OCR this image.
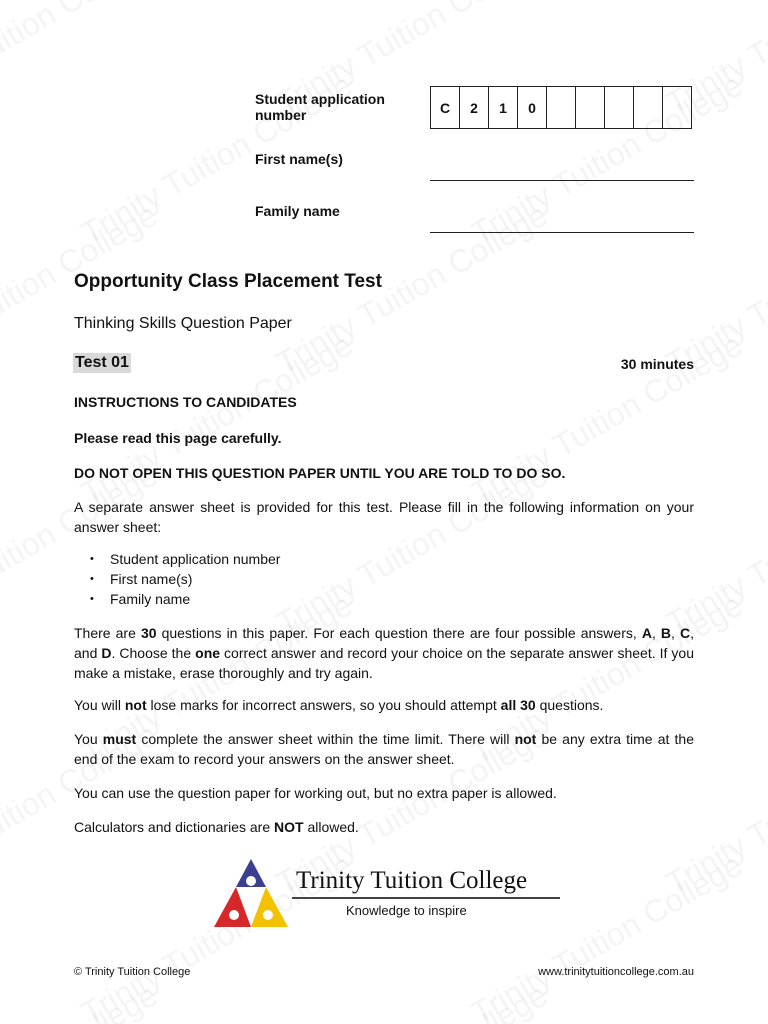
Student application number	C	2	1	0
First name(s)
Family name
Opportunity Class Placement Test
Thinking Skills Question Paper
Test 01	30 minutes

INSTRUCTIONS TO CANDIDATES

Please read this page carefully.

DO NOT OPEN THIS QUESTION PAPER UNTIL YOU ARE TOLD TO DO SO.

A separate answer sheet is provided for this test. Please fill in the following information on your answer sheet:

• Student application number
• First name(s)
• Family name

There are 30 questions in this paper. For each question there are four possible answers, A, B, C, and D. Choose the one correct answer and record your choice on the separate answer sheet. If you make a mistake, erase thoroughly and try again.

You will not lose marks for incorrect answers, so you should attempt all 30 questions.

You must complete the answer sheet within the time limit. There will not be any extra time at the end of the exam to record your answers on the answer sheet.

You can use the question paper for working out, but no extra paper is allowed.

Calculators and dictionaries are NOT allowed.

Trinity Tuition College
Knowledge to inspire
© Trinity Tuition College	www.trinitytuitioncollege.com.au
